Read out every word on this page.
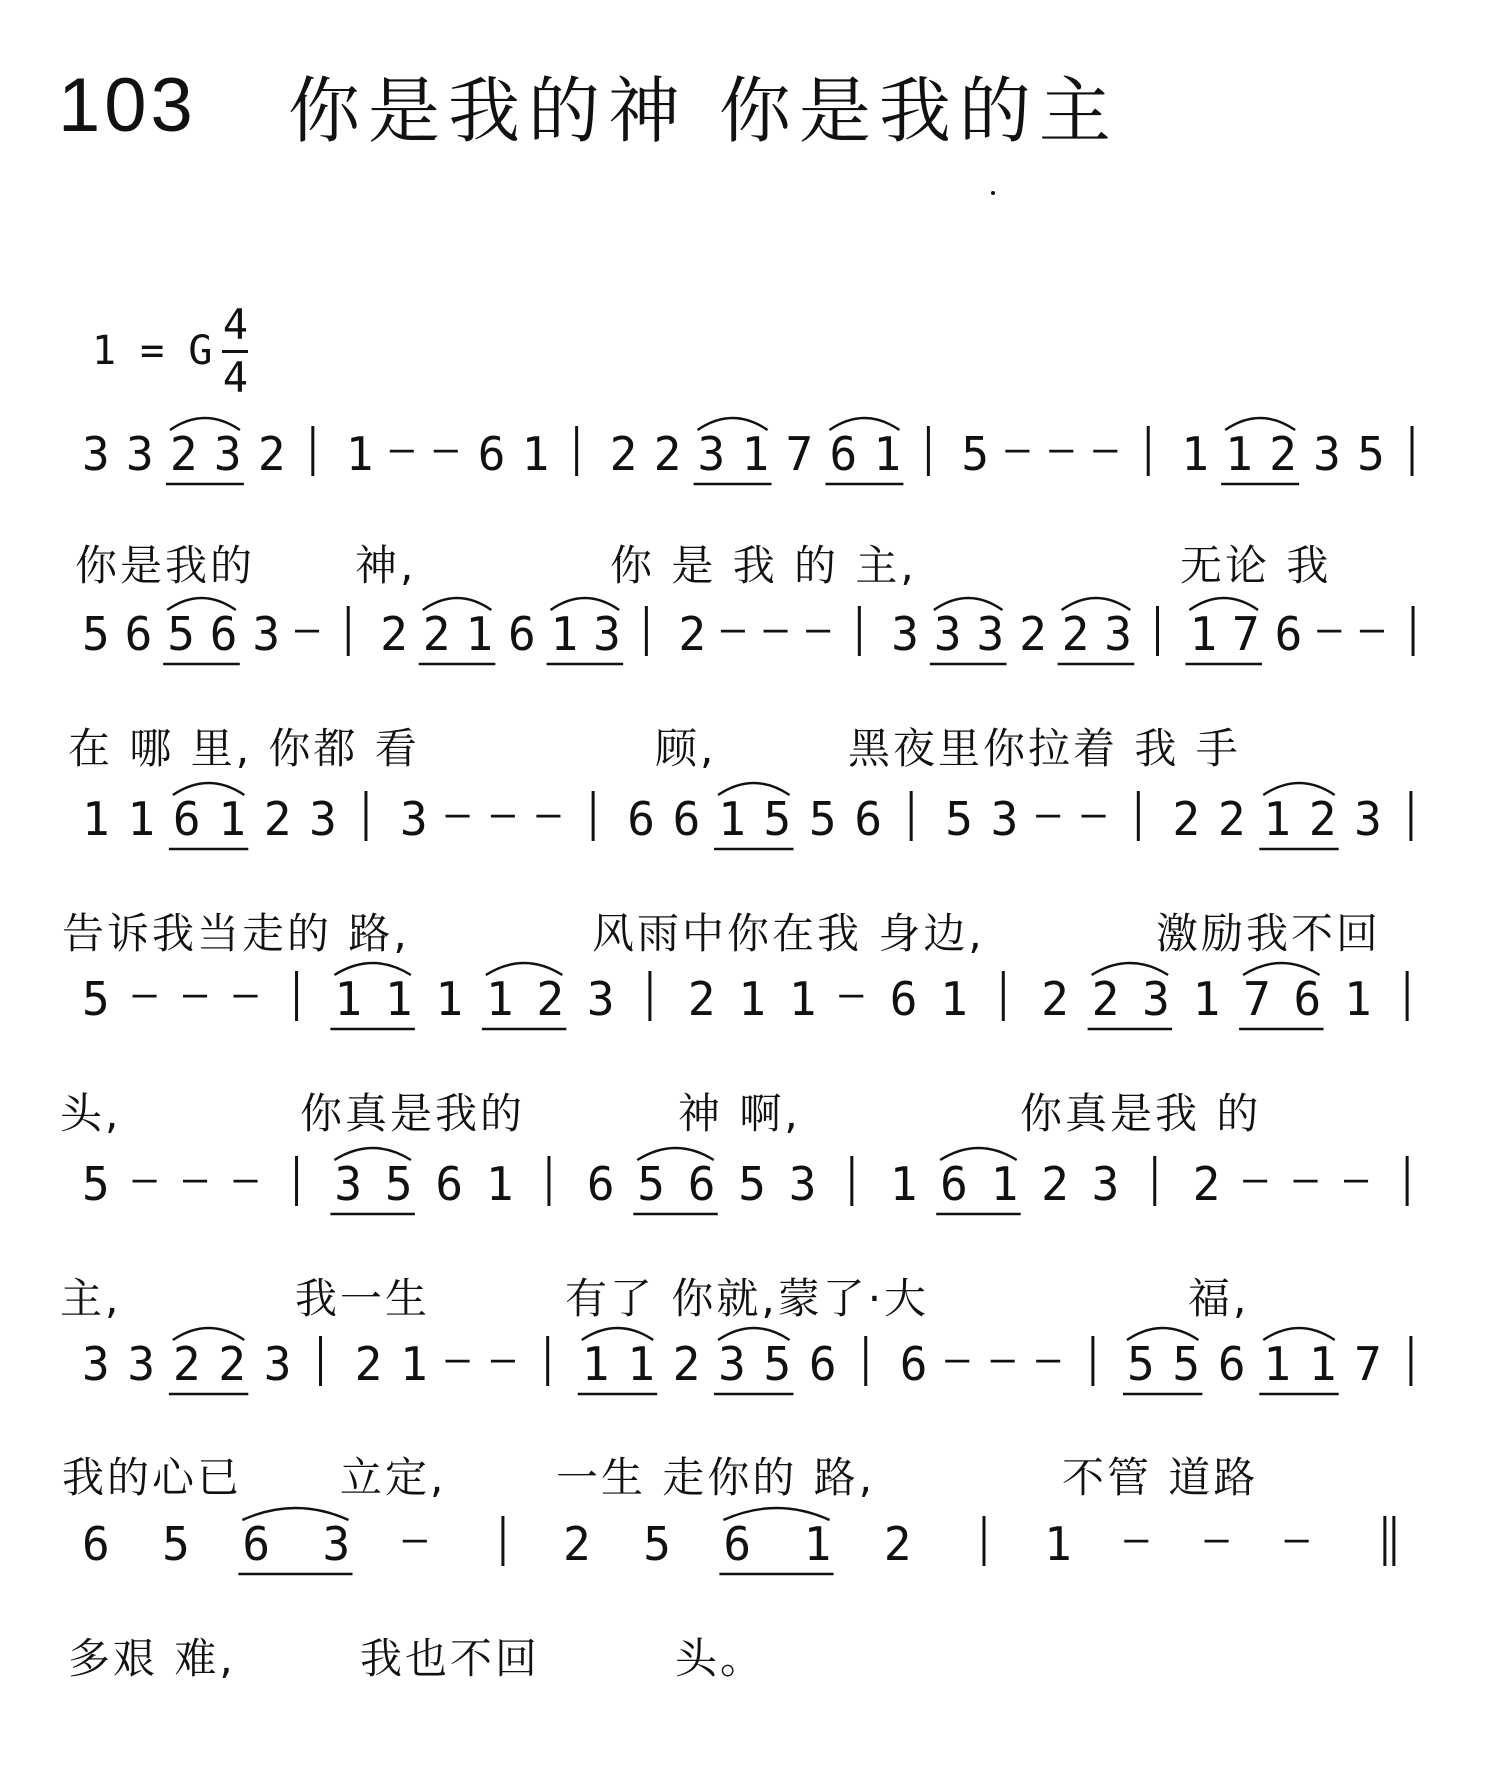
103	你是我的神 你是我的主
1 = G
4
4
3 3 2 3 2 1 – – 6 1 2 2 3 1 7 6 1 5 – – – 1 1 2 3 5
5 6 5 6 3 – 2 2 1 6 1 3 2 – – – 3 3 3 2 2 3 1 7 6 – –
1 1 6 1 2 3 3 – – – 6 6 1 5 5 6 5 3 – – 2 2 1 2 3
5 – – – 1 1 1 1 2 3 2 1 1 – 6 1 2 2 3 1 7 6 1
5 – – – 3 5 6 1 6 5 6 5 3 1 6 1 2 3 2 – – –
3 3 2 2 3 2 1 – – 1 1 2 3 5 6 6 – – – 5 5 6 1 1 7
6 5 6 3 –	2 5 6 1 2	1 – – –
你是我的 神,	你 是 我 的 主,	无论 我
在 哪 里, 你都 看	顾,	黑夜里你拉着 我 手
告诉我当走的 路,	风雨中你在我 身边,	激励我不回
头,	你真是我的	神 啊,	你真是我 的
主,	我一生	有了 你就,蒙了·大	福,
我的心已 立定,	一生 走你的 路,	不管 道路
多艰 难,	我也不回	头。
